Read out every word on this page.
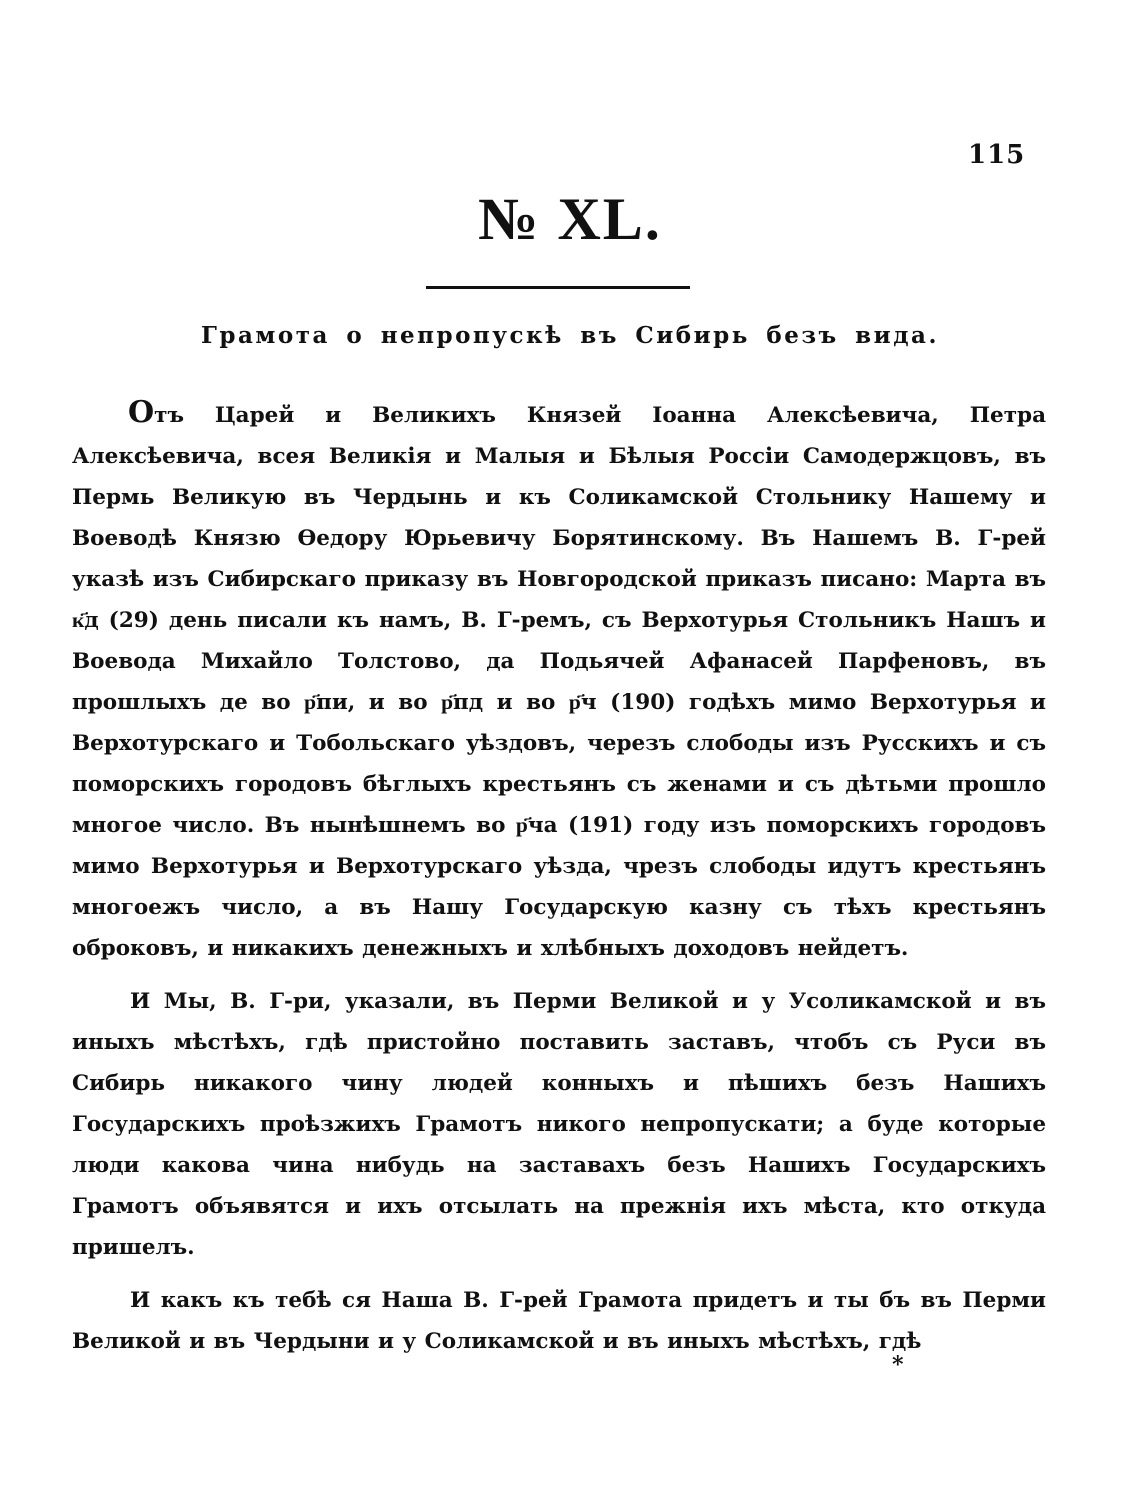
115
№ XL.
Грамота о непропускѣ въ Сибирь безъ вида.

Отъ Царей и Великихъ Князей Іоанна Алексѣевича, Петра Алексѣевича, всея Великія и Малыя и Бѣлыя Россіи Самодержцовъ, въ Пермь Великую въ Чердынь и къ Соликамской Стольнику Нашему и Воеводѣ Князю Ѳедору Юрьевичу Борятинскому. Въ Нашемъ В. Г-рей указѣ изъ Сибирскаго приказу въ Новгородской приказъ писано: Марта въ к҃д (29) день писали къ намъ, В. Г-ремъ, съ Верхотурья Стольникъ Нашъ и Воевода Михайло Толстово, да Подьячей Афанасей Парфеновъ, въ прошлыхъ де во р҃пи, и во р҃пд и во р҃ч (190) годѣхъ мимо Верхотурья и Верхотурскаго и Тобольскаго уѣздовъ, черезъ слободы изъ Русскихъ и съ поморскихъ городовъ бѣглыхъ крестьянъ съ женами и съ дѣтьми прошло многое число. Въ нынѣшнемъ во р҃ча (191) году изъ поморскихъ городовъ мимо Верхотурья и Верхотурскаго уѣзда, чрезъ слободы идутъ крестьянъ многоежъ число, а въ Нашу Государскую казну съ тѣхъ крестьянъ оброковъ, и никакихъ денежныхъ и хлѣбныхъ доходовъ нейдетъ.

И Мы, В. Г-ри, указали, въ Перми Великой и у Усоликамской и въ иныхъ мѣстѣхъ, гдѣ пристойно поставить заставъ, чтобъ съ Руси въ Сибирь никакого чину людей конныхъ и пѣшихъ безъ Нашихъ Государскихъ проѣзжихъ Грамотъ никого непропускати; а буде которые люди какова чина нибудь на заставахъ безъ Нашихъ Государскихъ Грамотъ объявятся и ихъ отсылать на прежнія ихъ мѣста, кто откуда пришелъ.

И какъ къ тебѣ ся Наша В. Г-рей Грамота придетъ и ты бъ въ Перми Великой и въ Чердыни и у Соликамской и въ иныхъ мѣстѣхъ, гдѣ

*
